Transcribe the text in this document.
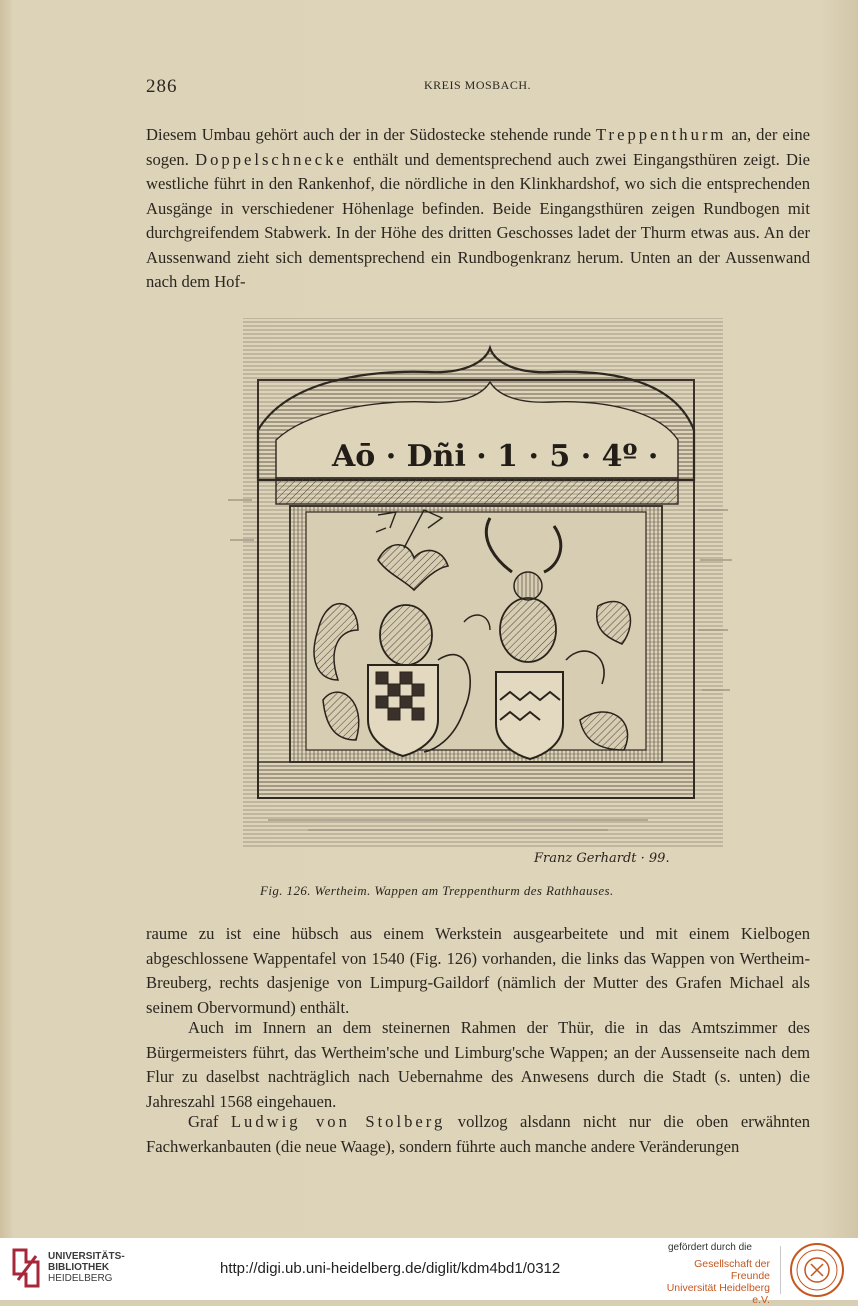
286	KREIS MOSBACH.

Diesem Umbau gehört auch der in der Südostecke stehende runde Treppenthurm an, der eine sogen. Doppelschnecke enthält und dementsprechend auch zwei Eingangsthüren zeigt. Die westliche führt in den Rankenhof, die nördliche in den Klinkhardshof, wo sich die entsprechenden Ausgänge in verschiedener Höhenlage befinden. Beide Eingangsthüren zeigen Rundbogen mit durchgreifendem Stabwerk. In der Höhe des dritten Geschosses ladet der Thurm etwas aus. An der Aussenwand zieht sich dementsprechend ein Rundbogenkranz herum. Unten an der Aussenwand nach dem Hof-

Aō · Dñi · 1 · 5 · 4º ·
Franz Gerhardt · 99.
Fig. 126. Wertheim. Wappen am Treppenthurm des Rathhauses.

raume zu ist eine hübsch aus einem Werkstein ausgearbeitete und mit einem Kielbogen abgeschlossene Wappentafel von 1540 (Fig. 126) vorhanden, die links das Wappen von Wertheim-Breuberg, rechts dasjenige von Limpurg-Gaildorf (nämlich der Mutter des Grafen Michael als seinem Obervormund) enthält.

Auch im Innern an dem steinernen Rahmen der Thür, die in das Amtszimmer des Bürgermeisters führt, das Wertheim'sche und Limburg'sche Wappen; an der Aussenseite nach dem Flur zu daselbst nachträglich nach Uebernahme des Anwesens durch die Stadt (s. unten) die Jahreszahl 1568 eingehauen.

Graf Ludwig von Stolberg vollzog alsdann nicht nur die oben erwähnten Fachwerkanbauten (die neue Waage), sondern führte auch manche andere Veränderungen

UNIVERSITÄTS-
BIBLIOTHEK
HEIDELBERG
http://digi.ub.uni-heidelberg.de/diglit/kdm4bd1/0312
gefördert durch die
Gesellschaft der Freunde
Universität Heidelberg e.V.
